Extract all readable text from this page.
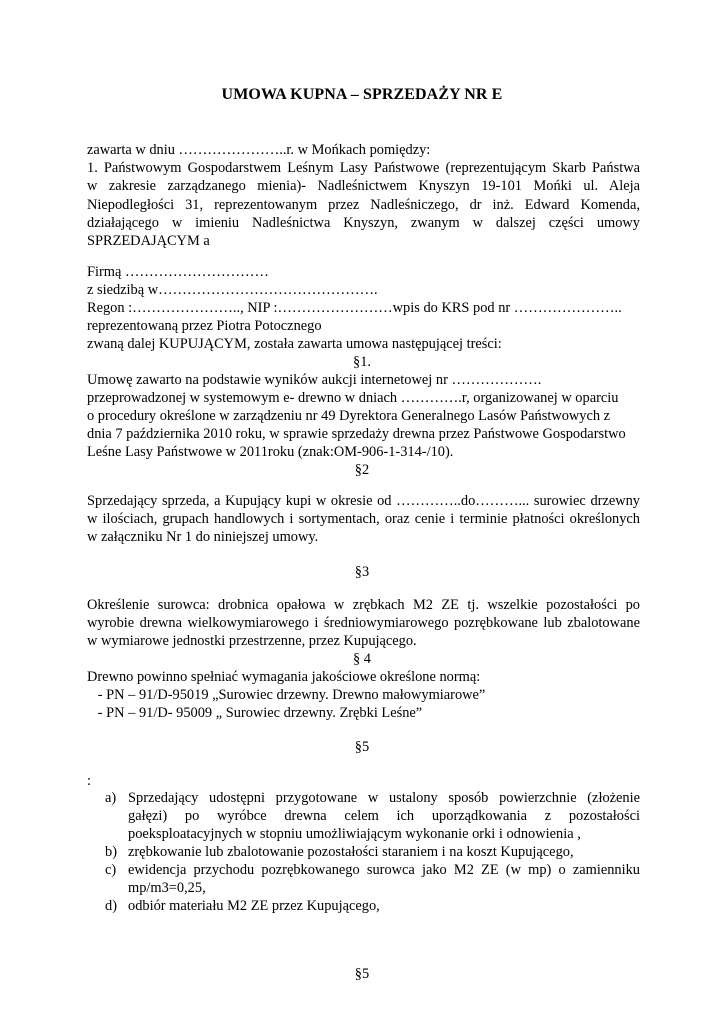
UMOWA KUPNA – SPRZEDAŻY NR E
zawarta w dniu …………………..r. w Mońkach pomiędzy:
1. Państwowym Gospodarstwem Leśnym Lasy Państwowe (reprezentującym Skarb Państwa
w zakresie zarządzanego mienia)- Nadleśnictwem Knyszyn 19-101 Mońki ul. Aleja
Niepodległości 31, reprezentowanym przez Nadleśniczego, dr inż. Edward Komenda,
działającego w imieniu Nadleśnictwa Knyszyn, zwanym w dalszej części umowy
SPRZEDAJĄCYM a
Firmą …………………………
z siedzibą w……………………………………….
Regon :………………….., NIP :……………………wpis do KRS pod nr …………………..
reprezentowaną przez Piotra Potocznego
zwaną dalej KUPUJĄCYM, została zawarta umowa następującej treści:
§1.
Umowę zawarto na podstawie wyników aukcji internetowej nr ……………….
przeprowadzonej w systemowym e- drewno w dniach ………….r, organizowanej w oparciu
o procedury określone w zarządzeniu nr 49 Dyrektora Generalnego Lasów Państwowych z
dnia 7 października 2010 roku, w sprawie sprzedaży drewna przez Państwowe Gospodarstwo
Leśne Lasy Państwowe w 2011roku (znak:OM-906-1-314-/10).
§2
Sprzedający sprzeda, a Kupujący kupi w okresie od …………..do………... surowiec drzewny
w ilościach, grupach handlowych i sortymentach, oraz cenie i terminie płatności określonych
w załączniku Nr 1 do niniejszej umowy.
§3
Określenie surowca: drobnica opałowa w zrębkach M2 ZE tj. wszelkie pozostałości po
wyrobie drewna wielkowymiarowego i średniowymiarowego pozrębkowane lub zbalotowane
w wymiarowe jednostki przestrzenne, przez Kupującego.
§ 4
Drewno powinno spełniać wymagania jakościowe określone normą:
- PN – 91/D-95019 „Surowiec drzewny. Drewno małowymiarowe”
- PN – 91/D- 95009 „ Surowiec drzewny. Zrębki Leśne”
§5
:
a) Sprzedający udostępni przygotowane w ustalony sposób powierzchnie (złożenie
gałęzi) po wyróbce drewna celem ich uporządkowania z pozostałości
poeksploatacyjnych w stopniu umożliwiającym wykonanie orki i odnowienia ,
b) zrębkowanie lub zbalotowanie pozostałości staraniem i na koszt Kupującego,
c) ewidencja przychodu pozrębkowanego surowca jako M2 ZE (w mp) o zamienniku
mp/m3=0,25,
d) odbiór materiału M2 ZE przez Kupującego,
§5
